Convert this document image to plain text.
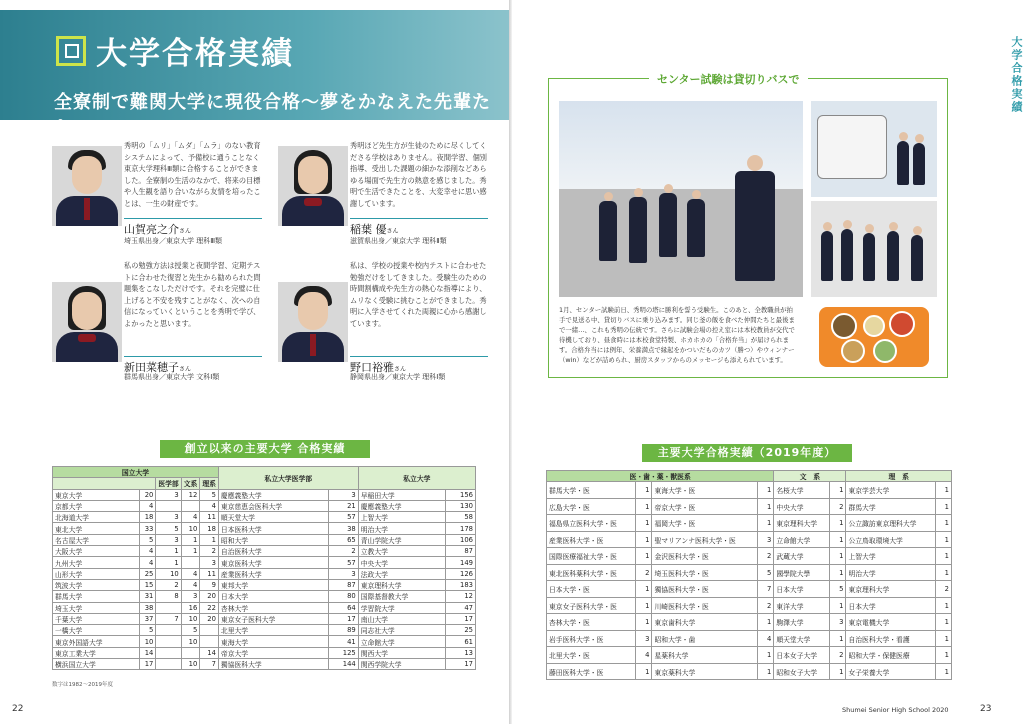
大学合格実績
全寮制で難関大学に現役合格〜夢をかなえた先輩たち〜
秀明の「ムリ」「ムダ」「ムラ」のない教育システムによって、予備校に通うことなく東京大学理科Ⅲ類に合格することができました。全寮制の生活のなかで、将来の目標や人生観を語り合いながら友情を培ったことは、一生の財産です。
山賀亮之介さん
埼玉県出身／東京大学 理科Ⅲ類
秀明ほど先生方が生徒のために尽くしてくださる学校はありません。夜間学習、個別指導、受出した課題の細かな添削などあらゆる場面で先生方の熱意を感じました。秀明で生活できたことを、大変幸せに思い感謝しています。
稲葉 優さん
滋賀県出身／東京大学 理科Ⅱ類
私の勉強方法は授業と夜間学習、定期テストに合わせた復習と先生から勧められた問題集をこなしただけです。それを完璧に仕上げると不安を残すことがなく、次への自信になっていくということを秀明で学び、よかったと思います。
新田菜穂子さん
群馬県出身／東京大学 文科Ⅰ類
私は、学校の授業や校内テストに合わせた勉強だけをしてきました。受験生のための時間割構成や先生方の熱心な指導により、ムリなく受験に挑むことができました。秀明に入学させてくれた両親に心から感謝しています。
野口裕雅さん
静岡県出身／東京大学 理科Ⅰ類
創立以来の主要大学 合格実績
国立大学					私立大学医学部		私立大学	
		医学部	文系	理系				
東京大学	20	3	12	5	慶應義塾大学	3	早稲田大学	156
京都大学	4			4	東京慈恵会医科大学	21	慶應義塾大学	130
北海道大学	18	3	4	11	順天堂大学	57	上智大学	58
東北大学	33	5	10	18	日本医科大学	38	明治大学	178
名古屋大学	5	3	1	1	昭和大学	65	青山学院大学	106
大阪大学	4	1	1	2	自治医科大学	2	立教大学	87
九州大学	4	1		3	東京医科大学	57	中央大学	149
山形大学	25	10	4	11	産業医科大学	3	法政大学	126
筑波大学	15	2	4	9	東邦大学	87	東京理科大学	183
群馬大学	31	8	3	20	日本大学	80	国際基督教大学	12
埼玉大学	38		16	22	杏林大学	64	学習院大学	47
千葉大学	37	7	10	20	東京女子医科大学	17	南山大学	17
一橋大学	5		5		北里大学	89	同志社大学	25
東京外国語大学	10		10		東海大学	41	立命館大学	61
東京工業大学	14			14	帝京大学	125	関西大学	13
横浜国立大学	17		10	7	獨協医科大学	144	関西学院大学	17
数字は1982〜2019年度
22
大学合格実績
センター試験は貸切りバスで
1月、センター試験前日、秀明の塔に勝利を誓う受験生。このあと、全教職員が拍手で見送る中、貸切りバスに乗り込みます。同じ釜の飯を食べた仲間たちと最後まで一緒…、これも秀明の伝統です。さらに試験会場の控え室には本校教員が交代で待機しており、昼食時には本校食堂特製、ホカホカの「合格弁当」が届けられます。合格弁当には例年、栄養満点で縁起をかついだものカツ（勝つ）やウィンナー（win）などが詰められ、厨房スタッフからのメッセージも添えられています。
主要大学合格実績（2019年度）
医・歯・薬・獣医系				文　系		理　系	
群馬大学・医	1	東海大学・医	1	名桜大学	1	東京学芸大学	1
広島大学・医	1	帝京大学・医	1	中央大学	2	群馬大学	1
福島県立医科大学・医	1	福岡大学・医	1	東京理科大学	1	公立諏訪東京理科大学	1
産業医科大学・医	1	聖マリアンナ医科大学・医	3	立命館大学	1	公立鳥取環境大学	1
国際医療福祉大学・医	1	金沢医科大学・医	2	武蔵大学	1	上智大学	1
東北医科薬科大学・医	2	埼玉医科大学・医	5	國學院大學	1	明治大学	1
日本大学・医	1	獨協医科大学・医	7	日本大学	5	東京理科大学	2
東京女子医科大学・医	1	川崎医科大学・医	2	東洋大学	1	日本大学	1
杏林大学・医	1	東京歯科大学	1	駒澤大学	3	東京電機大学	1
岩手医科大学・医	3	昭和大学・歯	4	順天堂大学	1	自治医科大学・看護	1
北里大学・医	4	星薬科大学	1	日本女子大学	2	昭和大学・保健医療	1
藤田医科大学・医	1	東京薬科大学	1	昭和女子大学	1	女子栄養大学	1
Shumei Senior High School 2020	23
